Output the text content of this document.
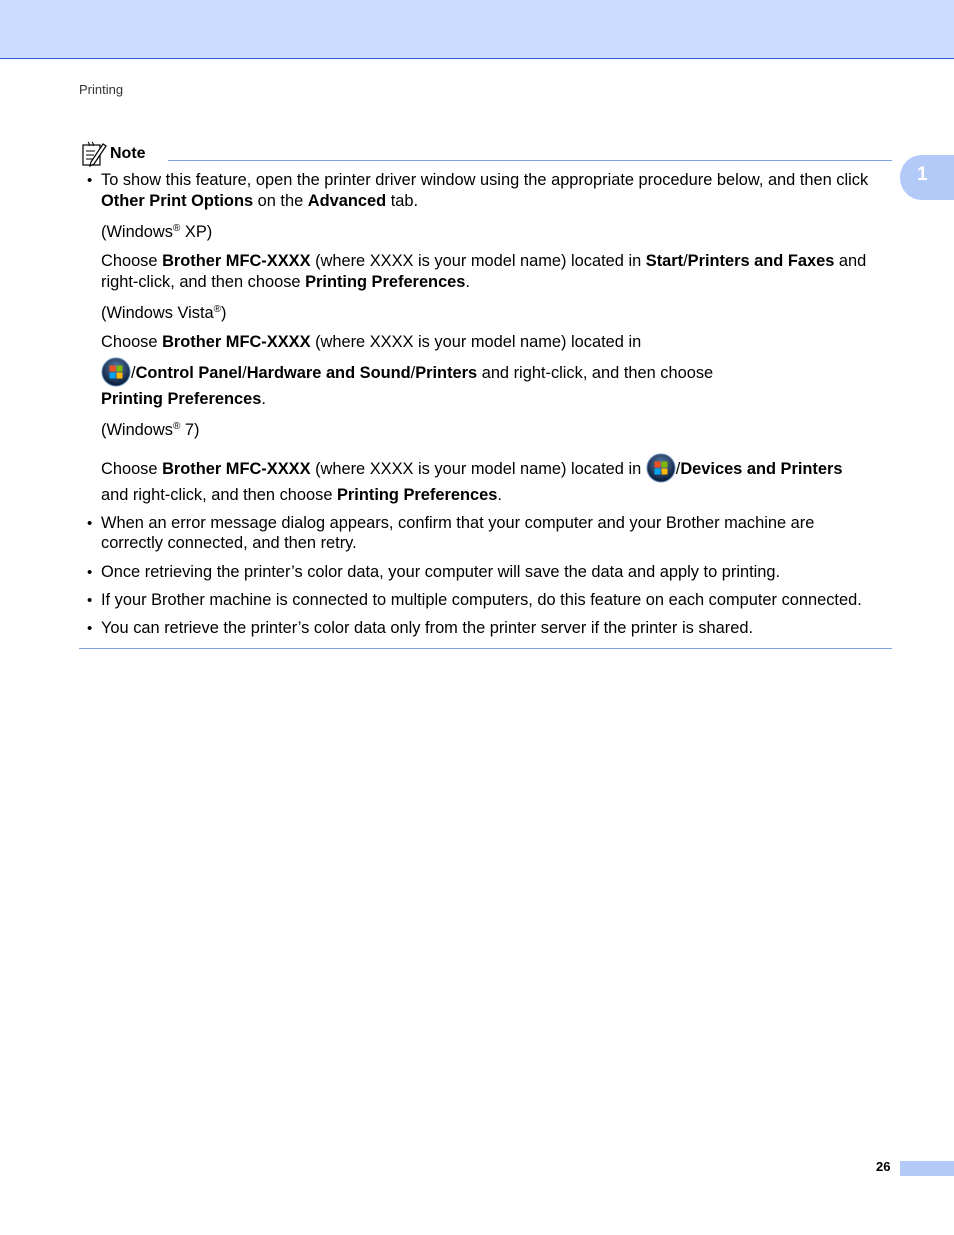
Printing
1
Note
• To show this feature, open the printer driver window using the appropriate procedure below, and then click
Other Print Options on the Advanced tab.
(Windows® XP)
Choose Brother MFC-XXXX (where XXXX is your model name) located in Start/Printers and Faxes and
right-click, and then choose Printing Preferences.
(Windows Vista®)
Choose Brother MFC-XXXX (where XXXX is your model name) located in
/Control Panel/Hardware and Sound/Printers and right-click, and then choose
Printing Preferences.
(Windows® 7)
Choose Brother MFC-XXXX (where XXXX is your model name) located in /Devices and Printers
and right-click, and then choose Printing Preferences.
• When an error message dialog appears, confirm that your computer and your Brother machine are
correctly connected, and then retry.
• Once retrieving the printer’s color data, your computer will save the data and apply to printing.
• If your Brother machine is connected to multiple computers, do this feature on each computer connected.
• You can retrieve the printer’s color data only from the printer server if the printer is shared.
26
